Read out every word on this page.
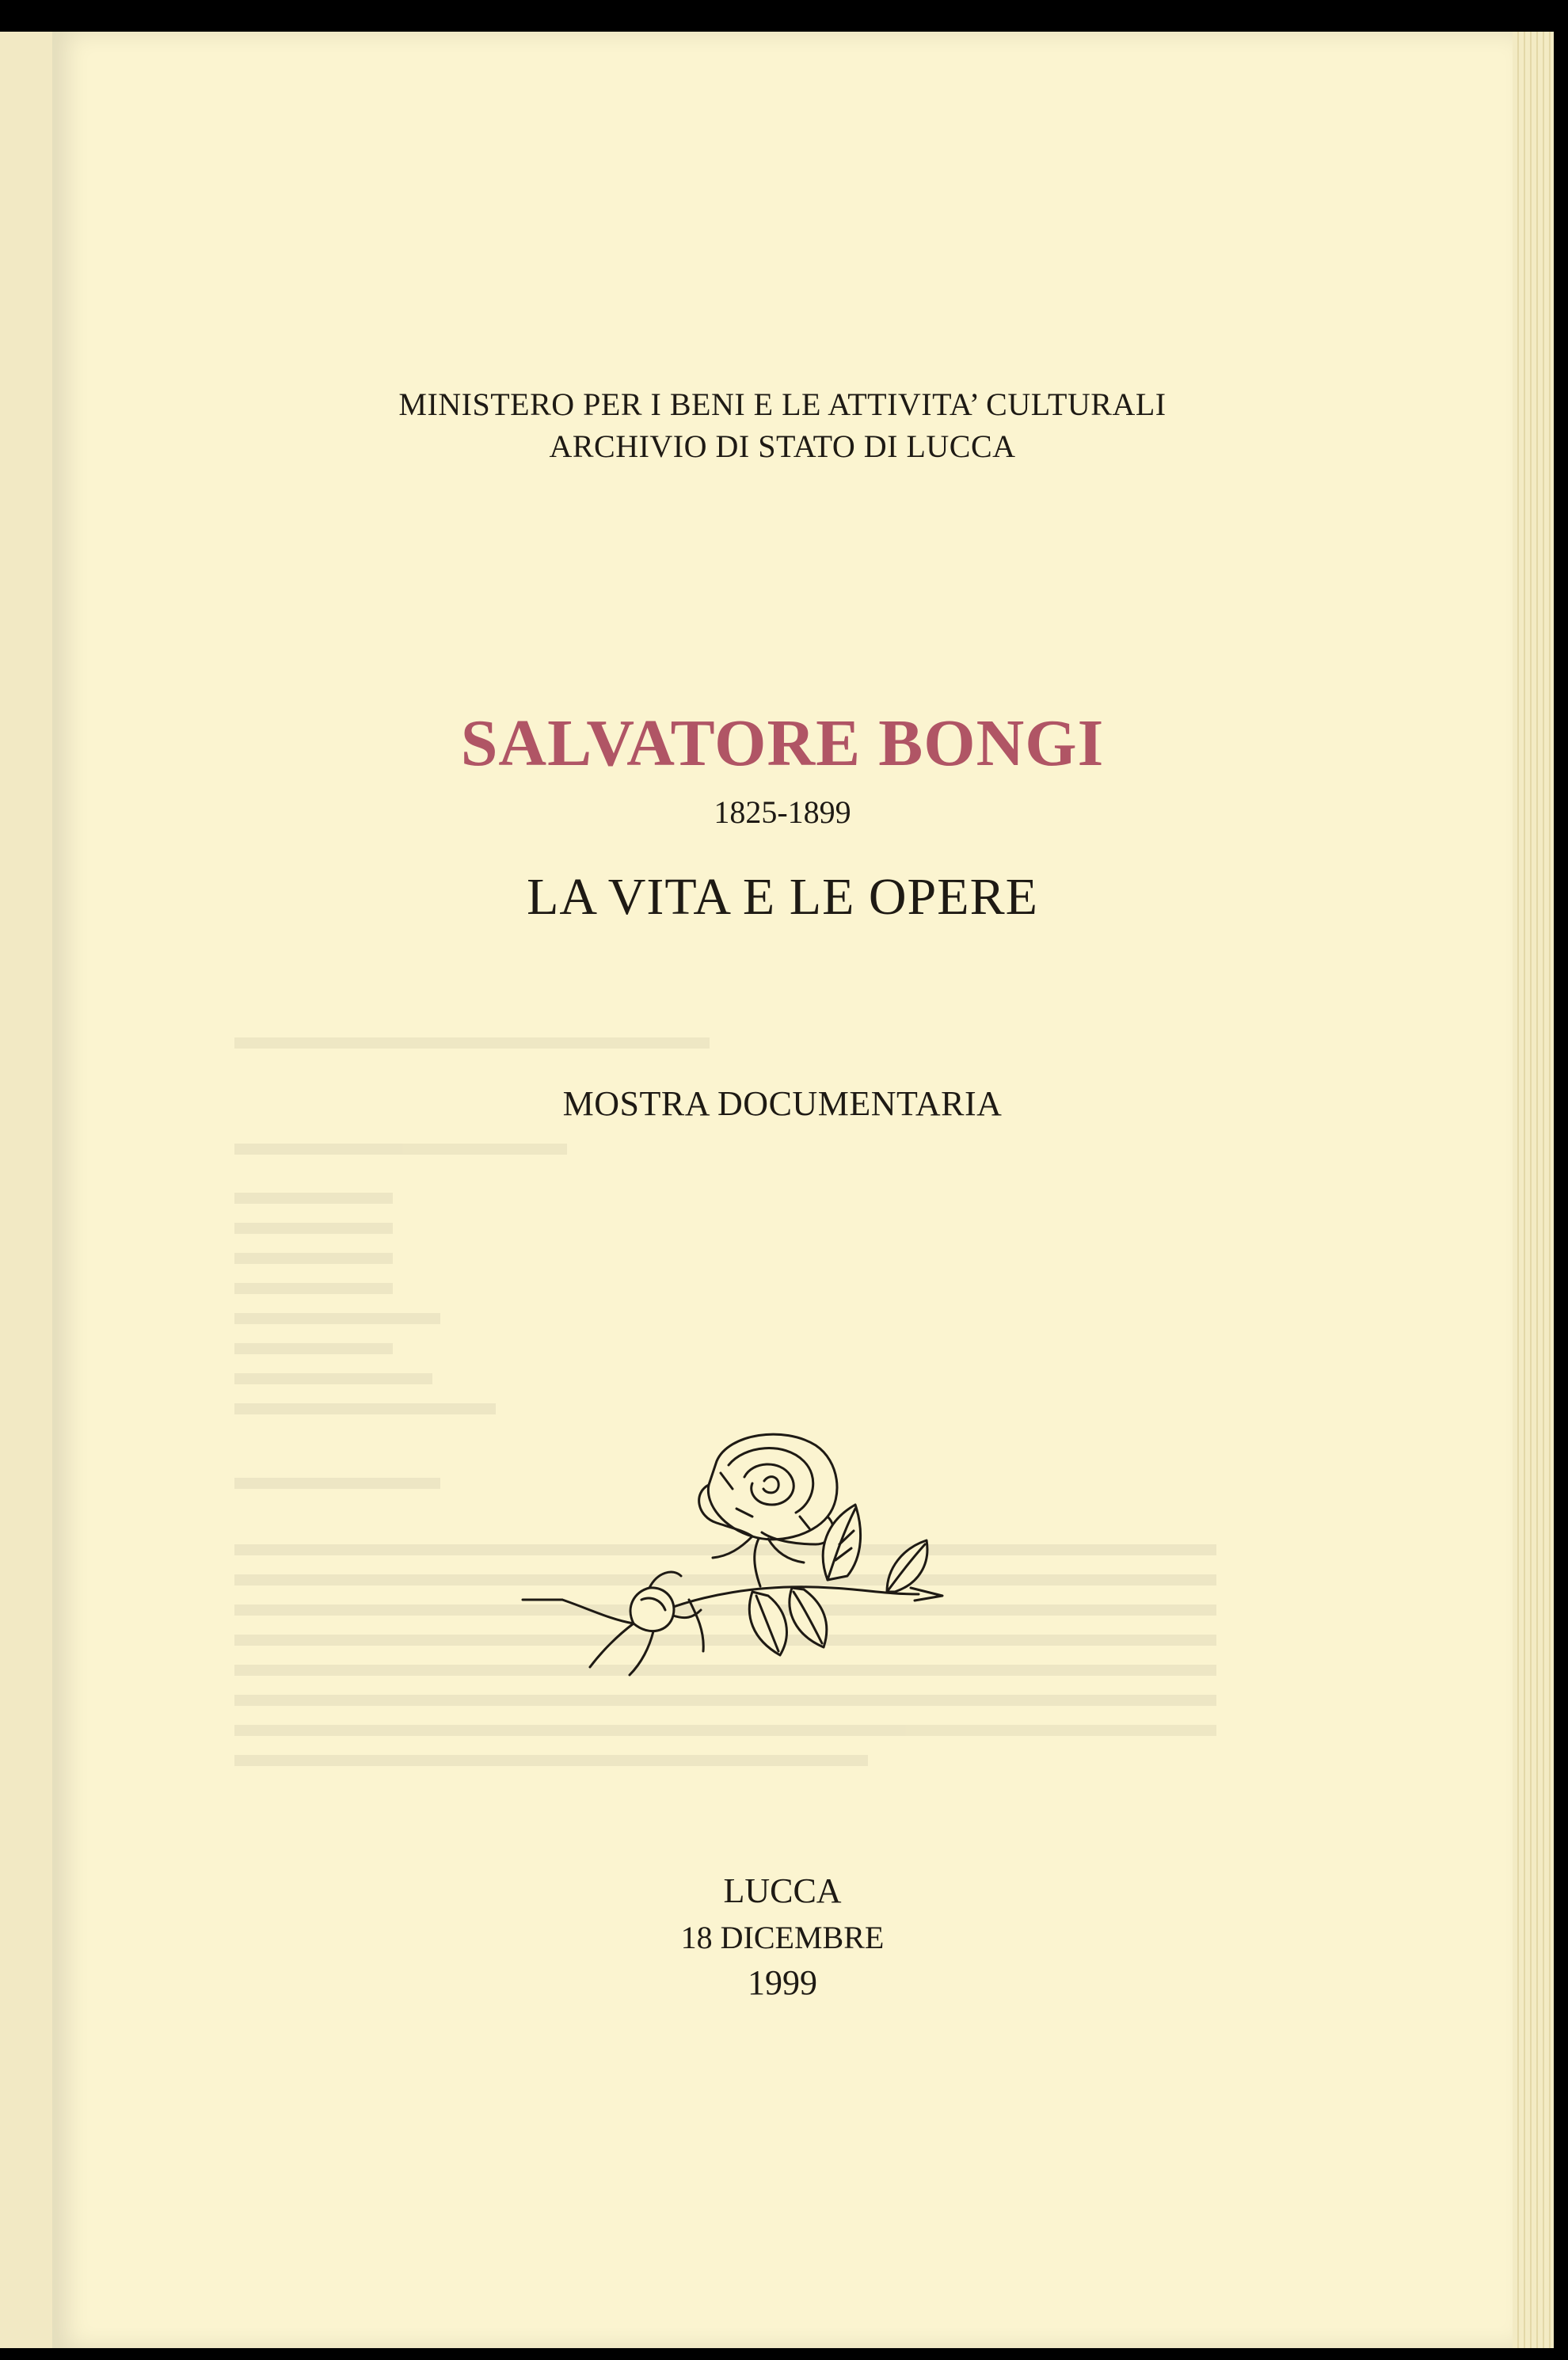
MINISTERO PER I BENI E LE ATTIVITA’ CULTURALI
ARCHIVIO DI STATO DI LUCCA
SALVATORE BONGI
1825-1899
LA VITA E LE OPERE
MOSTRA DOCUMENTARIA
LUCCA
18 DICEMBRE
1999
